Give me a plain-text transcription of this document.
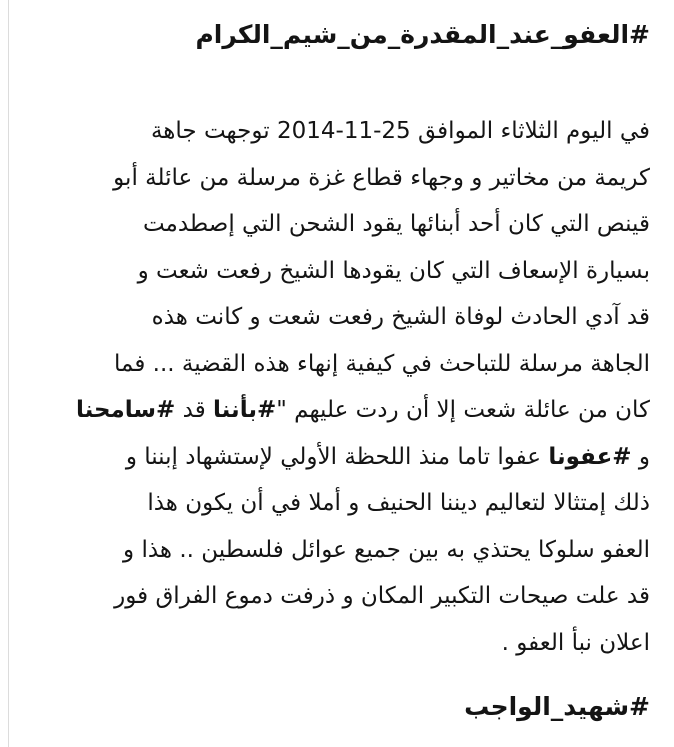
#العفو_عند_المقدرة_من_شيم_الكرام
في اليوم الثلاثاء الموافق 25-11-2014 توجهت جاهة
كريمة من مخاتير و وجهاء قطاع غزة مرسلة من عائلة أبو
قينص التي كان أحد أبنائها يقود الشحن التي إصطدمت
بسيارة الإسعاف التي كان يقودها الشيخ رفعت شعت و
قد آدي الحادث لوفاة الشيخ رفعت شعت و كانت هذه
الجاهة مرسلة للتباحث في كيفية إنهاء هذه القضية ... فما
كان من عائلة شعت إلا أن ردت عليهم "#بأننا قد #سامحنا
و #عفونا عفوا تاما منذ اللحظة الأولي لإستشهاد إبننا و
ذلك إمتثالا لتعاليم ديننا الحنيف و أملا في أن يكون هذا
العفو سلوكا يحتذي به بين جميع عوائل فلسطين .. هذا و
قد علت صيحات التكبير المكان و ذرفت دموع الفراق فور
اعلان نبأ العفو .
#شهيد_الواجب
